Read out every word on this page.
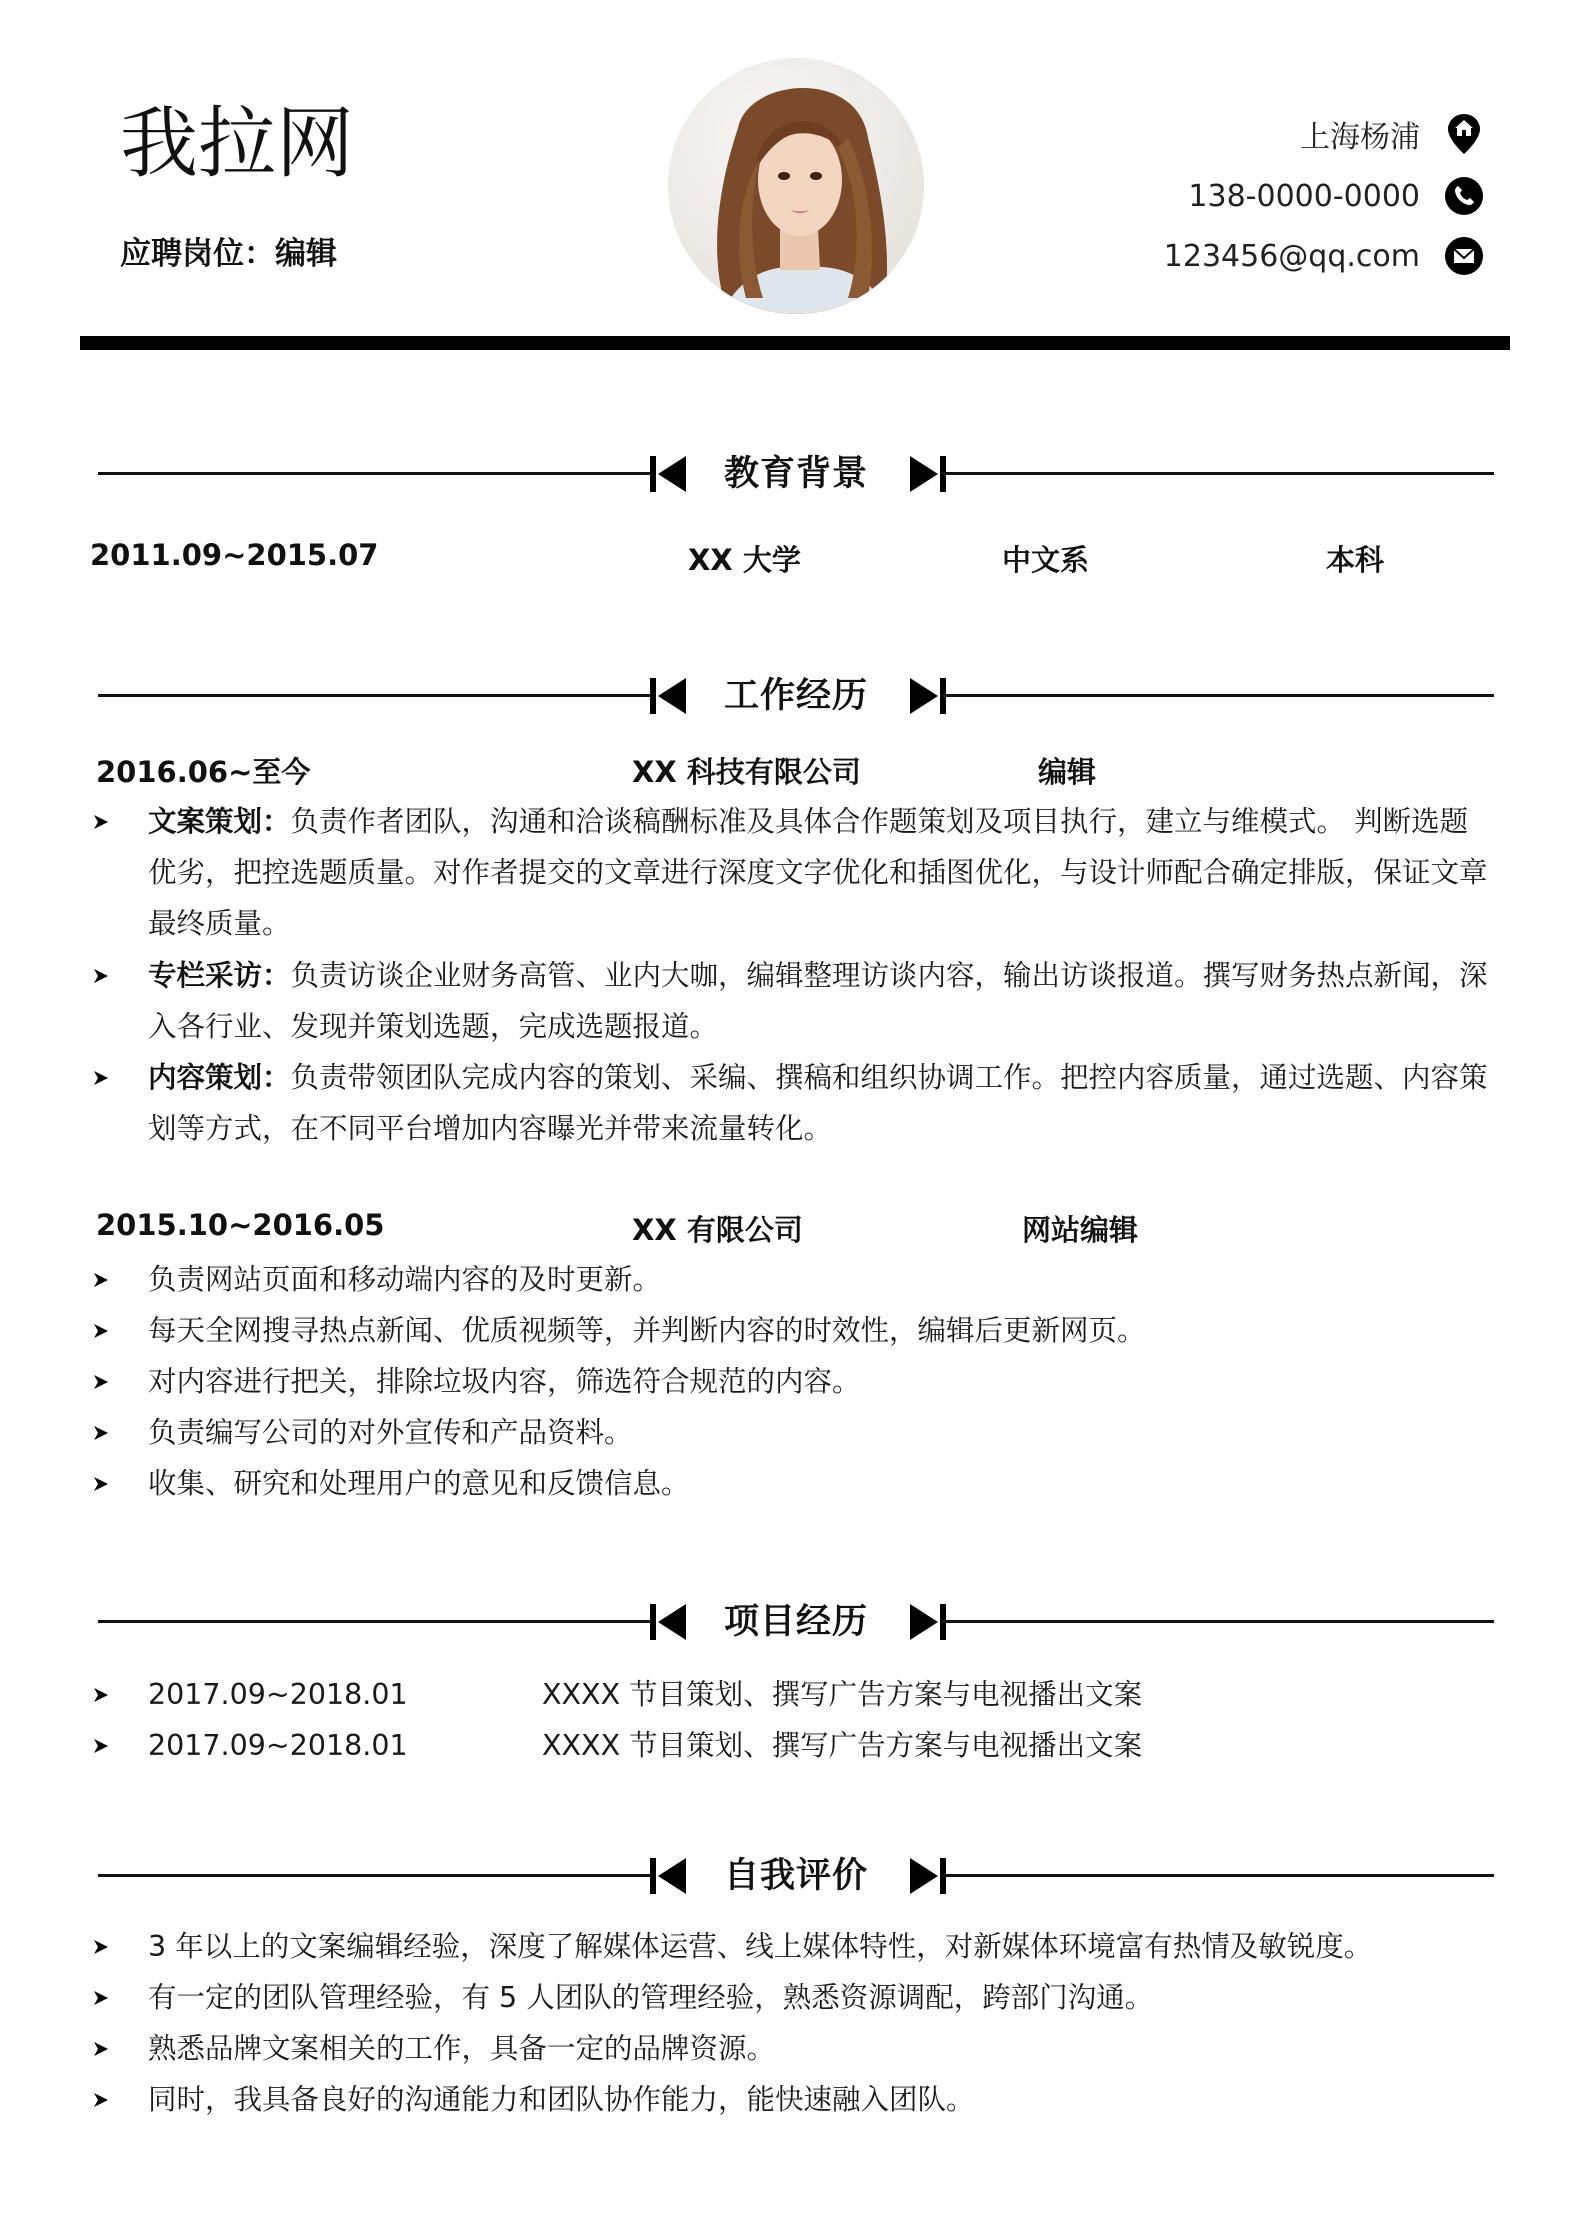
我拉网
应聘岗位：编辑
上海杨浦
138-0000-0000
123456@qq.com
教育背景
2011.09~2015.07	XX 大学	中文系	本科
工作经历
2016.06~至今	XX 科技有限公司	编辑
文案策划：负责作者团队，沟通和洽谈稿酬标准及具体合作题策划及项目执行，建立与维模式。 判断选题优劣，把控选题质量。对作者提交的文章进行深度文字优化和插图优化，与设计师配合确定排版，保证文章最终质量。
专栏采访：负责访谈企业财务高管、业内大咖，编辑整理访谈内容，输出访谈报道。撰写财务热点新闻，深入各行业、发现并策划选题，完成选题报道。
内容策划：负责带领团队完成内容的策划、采编、撰稿和组织协调工作。把控内容质量，通过选题、内容策划等方式，在不同平台增加内容曝光并带来流量转化。
2015.10~2016.05	XX 有限公司	网站编辑
负责网站页面和移动端内容的及时更新。
每天全网搜寻热点新闻、优质视频等，并判断内容的时效性，编辑后更新网页。
对内容进行把关，排除垃圾内容，筛选符合规范的内容。
负责编写公司的对外宣传和产品资料。
收集、研究和处理用户的意见和反馈信息。
项目经历
2017.09~2018.01	XXXX 节目策划、撰写广告方案与电视播出文案
2017.09~2018.01	XXXX 节目策划、撰写广告方案与电视播出文案
自我评价
3 年以上的文案编辑经验，深度了解媒体运营、线上媒体特性，对新媒体环境富有热情及敏锐度。
有一定的团队管理经验，有 5 人团队的管理经验，熟悉资源调配，跨部门沟通。
熟悉品牌文案相关的工作，具备一定的品牌资源。
同时，我具备良好的沟通能力和团队协作能力，能快速融入团队。
